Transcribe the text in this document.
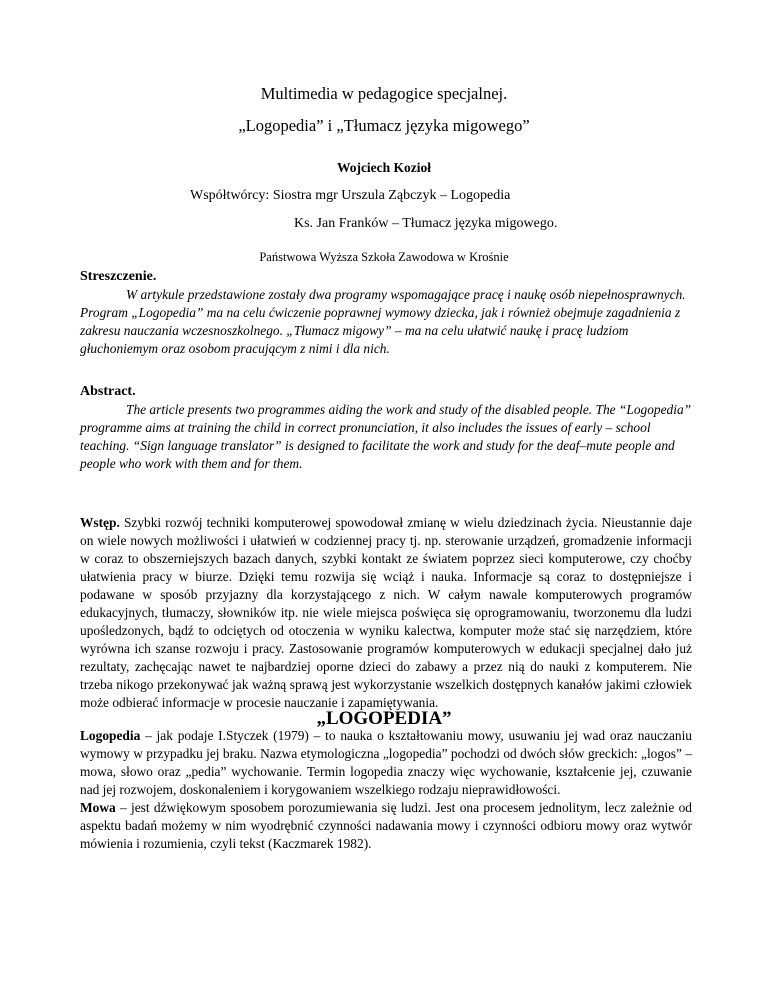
Multimedia w pedagogice specjalnej.
„Logopedia” i „Tłumacz języka migowego”
Wojciech Kozioł
Współtwórcy: Siostra mgr Urszula Ząbczyk – Logopedia
Ks. Jan Franków – Tłumacz języka migowego.
Państwowa Wyższa Szkoła Zawodowa w Krośnie
Streszczenie.

W artykule przedstawione zostały dwa programy wspomagające pracę i naukę osób niepełnosprawnych. Program „Logopedia” ma na celu ćwiczenie poprawnej wymowy dziecka, jak i również obejmuje zagadnienia z zakresu nauczania wczesnoszkolnego. „Tłumacz migowy” – ma na celu ułatwić naukę i pracę ludziom głuchoniemym oraz osobom pracującym z nimi i dla nich.

Abstract.

The article presents two programmes aiding the work and study of the disabled people. The “Logopedia” programme aims at training the child in correct pronunciation, it also includes the issues of early – school teaching. “Sign language translator” is designed to facilitate the work and study for the deaf–mute people and people who work with them and for them.

Wstęp. Szybki rozwój techniki komputerowej spowodował zmianę w wielu dziedzinach życia. Nieustannie daje on wiele nowych możliwości i ułatwień w codziennej pracy tj. np. sterowanie urządzeń, gromadzenie informacji w coraz to obszerniejszych bazach danych, szybki kontakt ze światem poprzez sieci komputerowe, czy choćby ułatwienia pracy w biurze. Dzięki temu rozwija się wciąż i nauka. Informacje są coraz to dostępniejsze i podawane w sposób przyjazny dla korzystającego z nich. W całym nawale komputerowych programów edukacyjnych, tłumaczy, słowników itp. nie wiele miejsca poświęca się oprogramowaniu, tworzonemu dla ludzi upośledzonych, bądź to odciętych od otoczenia w wyniku kalectwa, komputer może stać się narzędziem, które wyrówna ich szanse rozwoju i pracy. Zastosowanie programów komputerowych w edukacji specjalnej dało już rezultaty, zachęcając nawet te najbardziej oporne dzieci do zabawy a przez nią do nauki z komputerem. Nie trzeba nikogo przekonywać jak ważną sprawą jest wykorzystanie wszelkich dostępnych kanałów jakimi człowiek może odbierać informacje w procesie nauczanie i zapamiętywania.
„LOGOPEDIA”

Logopedia – jak podaje I.Styczek (1979) – to nauka o kształtowaniu mowy, usuwaniu jej wad oraz nauczaniu wymowy w przypadku jej braku. Nazwa etymologiczna „logopedia” pochodzi od dwóch słów greckich: „logos” – mowa, słowo oraz „pedia” wychowanie. Termin logopedia znaczy więc wychowanie, kształcenie jej, czuwanie nad jej rozwojem, doskonaleniem i korygowaniem wszelkiego rodzaju nieprawidłowości.

Mowa – jest dźwiękowym sposobem porozumiewania się ludzi. Jest ona procesem jednolitym, lecz zależnie od aspektu badań możemy w nim wyodrębnić czynności nadawania mowy i czynności odbioru mowy oraz wytwór mówienia i rozumienia, czyli tekst (Kaczmarek 1982).
